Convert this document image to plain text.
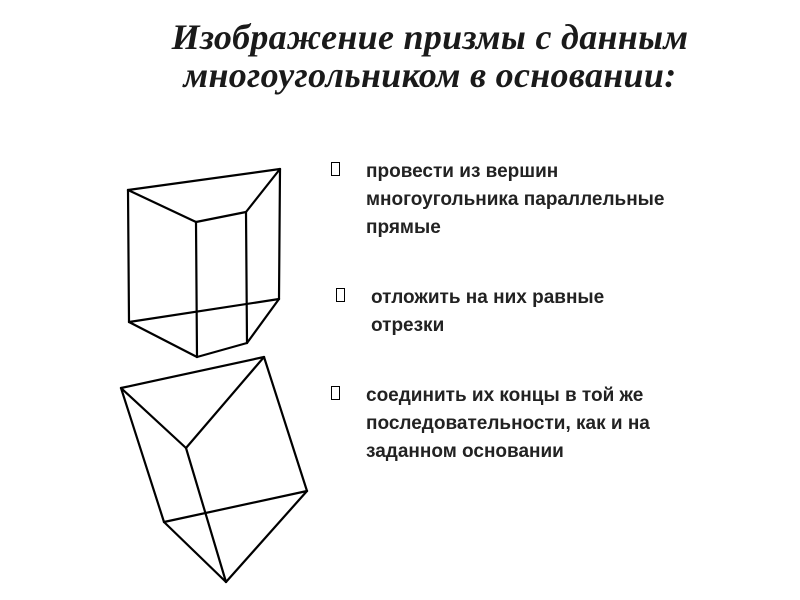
Изображение призмы с данным
многоугольником в основании:
провести из вершин
многоугольника параллельные
прямые
отложить на них равные
отрезки
соединить их концы в той же
последовательности, как и на
заданном основании
